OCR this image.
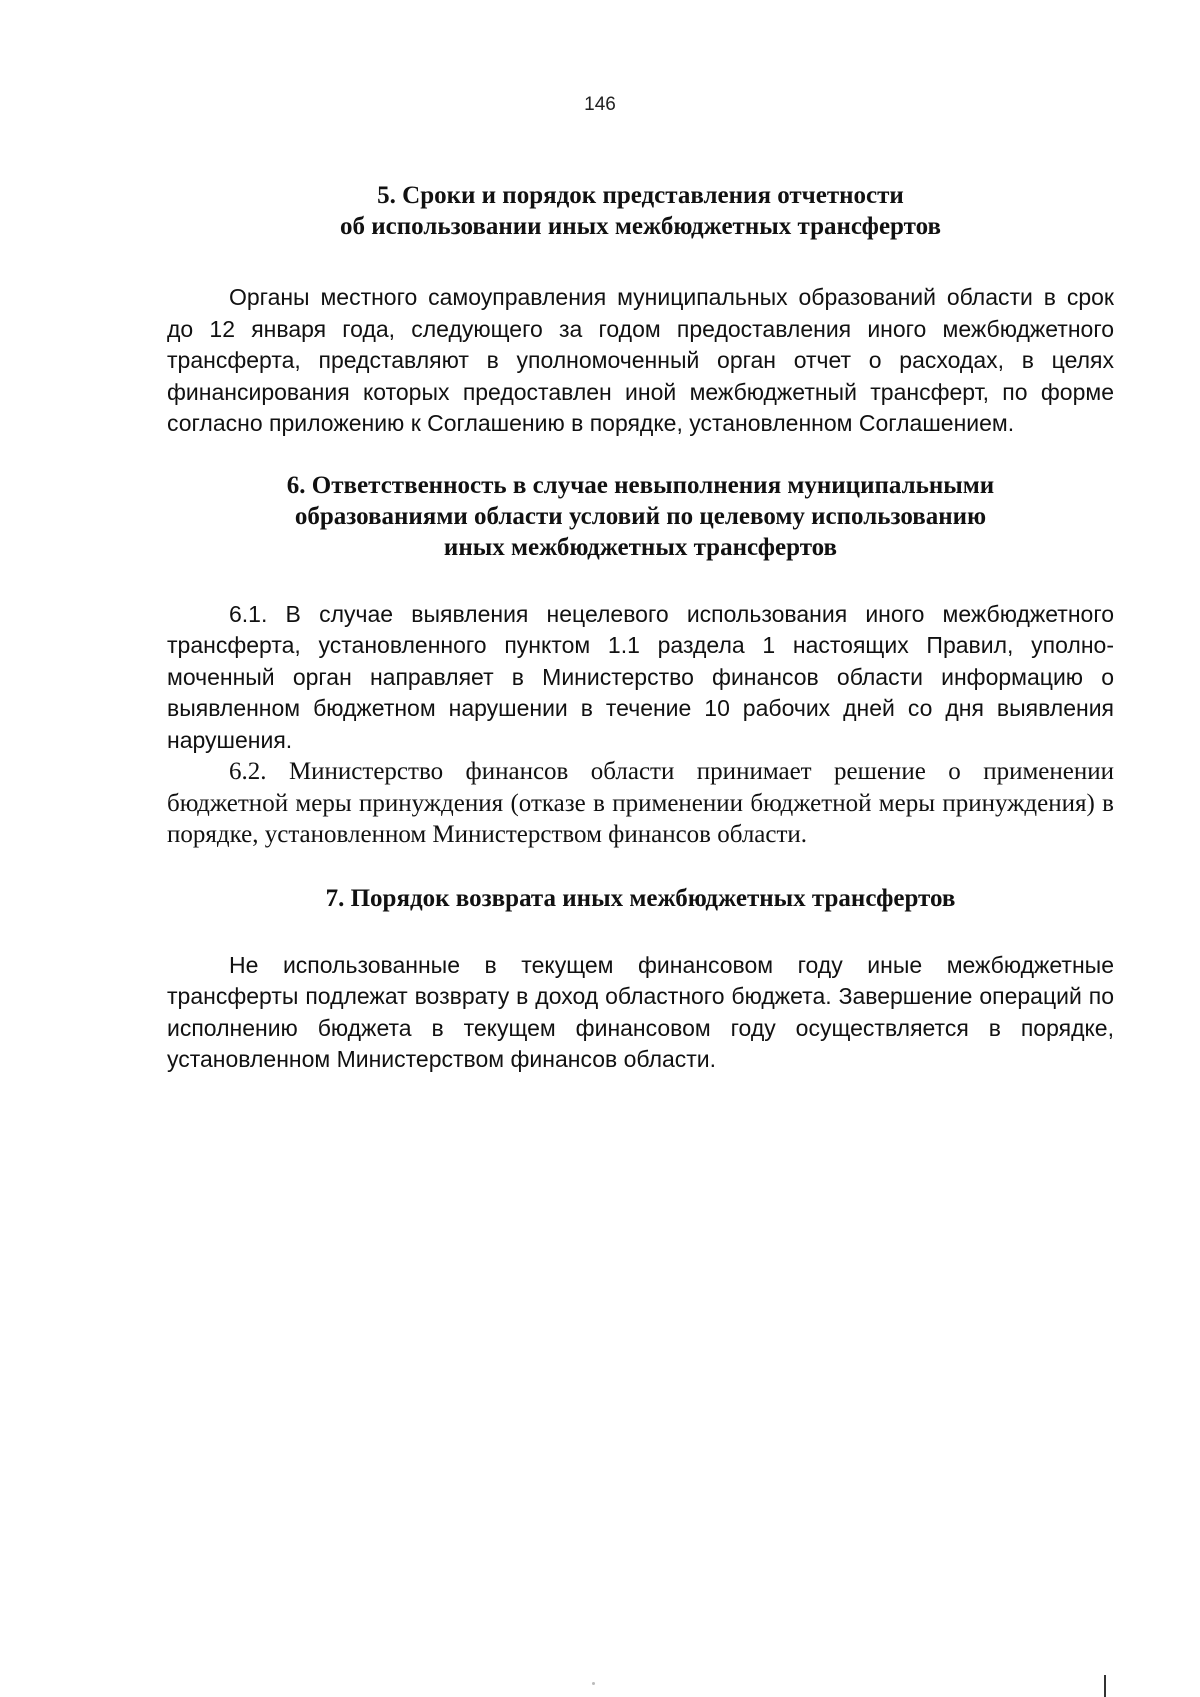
146
5. Сроки и порядок представления отчетности
об использовании иных межбюджетных трансфертов

Органы местного самоуправления муниципальных образований области в срок до 12 января года, следующего за годом предоставления иного межбюджетного трансферта, представляют в уполномоченный орган отчет о расходах, в целях финансирования которых предоставлен иной межбюджетный трансферт, по форме согласно приложению к Соглашению в порядке, установленном Соглашением.

6. Ответственность в случае невыполнения муниципальными
образованиями области условий по целевому использованию
иных межбюджетных трансфертов

6.1. В случае выявления нецелевого использования иного межбюджетного трансферта, установленного пунктом 1.1 раздела 1 настоящих Правил, уполномоченный орган направляет в Министерство финансов области информацию о выявленном бюджетном нарушении в течение 10 рабочих дней со дня выявления нарушения.

6.2. Министерство финансов области принимает решение о применении бюджетной меры принуждения (отказе в применении бюджетной меры принуждения) в порядке, установленном Министерством финансов области.

7. Порядок возврата иных межбюджетных трансфертов

Не использованные в текущем финансовом году иные межбюджетные трансферты подлежат возврату в доход областного бюджета. Завершение операций по исполнению бюджета в текущем финансовом году осуществляется в порядке, установленном Министерством финансов области.
